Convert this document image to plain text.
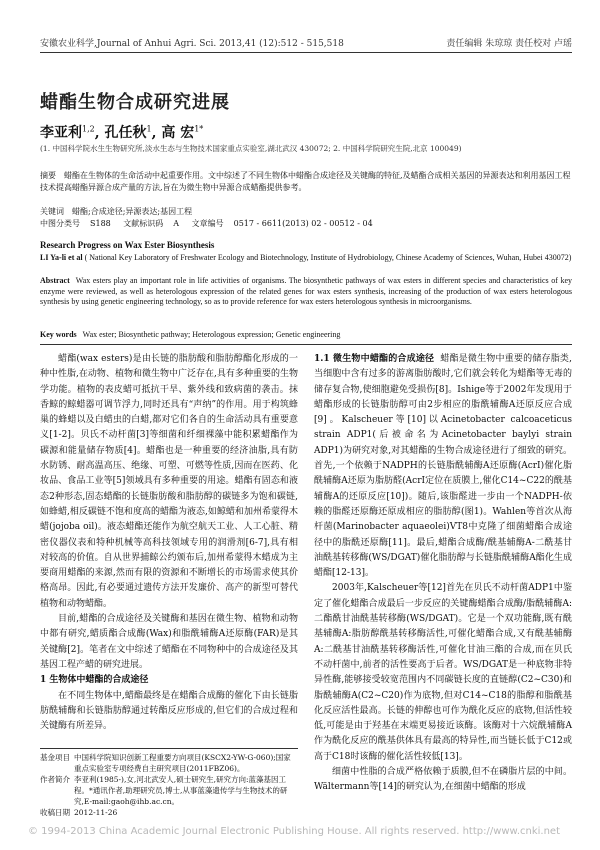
安徽农业科学,Journal of Anhui Agri. Sci. 2013,41 (12):512 - 515,518	责任编辑 朱琼琼 责任校对 卢瑶
蜡酯生物合成研究进展
李亚利$^{1,2}$, 孔任秋$^1$, 高 宏$^{1*}$
(1. 中国科学院水生生物研究所,淡水生态与生物技术国家重点实验室,湖北武汉 430072; 2. 中国科学院研究生院,北京 100049)
摘要 蜡酯在生物体的生命活动中起重要作用。文中综述了不同生物体中蜡酯合成途径及关键酶的特征,及蜡酯合成相关基因的异源表达和利用基因工程技术提高蜡酯异源合成产量的方法,旨在为微生物中异源合成蜡酯提供参考。
关键词 蜡酯;合成途径;异源表达;基因工程
中图分类号 S188 文献标识码 A 文章编号 0517 - 6611(2013) 02 - 00512 - 04
Research Progress on Wax Ester Biosynthesis
LI Ya-li et al ( National Key Laboratory of Freshwater Ecology and Biotechnology, Institute of Hydrobiology, Chinese Academy of Sciences, Wuhan, Hubei 430072)
Abstract Wax esters play an important role in life activities of organisms. The biosynthetic pathways of wax esters in different species and characteristics of key enzyme were reviewed, as well as heterologous expression of the related genes for wax esters synthesis, increasing of the production of wax esters heterologous synthesis by using genetic engineering technology, so as to provide reference for wax esters heterologous synthesis in microorganisms.
Key words Wax ester; Biosynthetic pathway; Heterologous expression; Genetic engineering

蜡酯(wax esters)是由长链的脂肪酸和脂肪醇酯化形成的一种中性脂,在动物、植物和微生物中广泛存在,具有多种重要的生物学功能。植物的表皮蜡可抵抗干旱、紫外线和致病菌的袭击。抹香鲸的鲸蜡器可调节浮力,同时还具有“声纳”的作用。用于构筑蜂巢的蜂蜡以及白蜡虫的白蜡,都对它们各自的生命活动具有重要意义[1-2]。贝氏不动杆菌[3]等细菌和纤细裸藻中能积累蜡酯作为碳源和能量储存物质[4]。蜡酯也是一种重要的经济油脂,具有防水防锈、耐高温高压、绝缘、可塑、可燃等性质,因而在医药、化妆品、食品工业等[5]领域具有多种重要的用途。蜡酯有固态和液态2种形态,固态蜡酯的长链脂肪酸和脂肪醇的碳链多为饱和碳链,如蜂蜡,相反碳链不饱和度高的蜡酯为液态,如鲸蜡和加州希蒙得木蜡(jojoba oil)。液态蜡酯还能作为航空航天工业、人工心脏、精密仪器仪表和特种机械等高科技领域专用的润滑剂[6-7],具有相对较高的价值。自从世界捕鲸公约颁布后,加州希蒙得木蜡成为主要商用蜡酯的来源,然而有限的资源和不断增长的市场需求使其价格高昂。因此,有必要通过遗传方法开发廉价、高产的新型可替代植物和动物蜡酯。

目前,蜡酯的合成途径及关键酶和基因在微生物、植物和动物中都有研究,蜡质酯合成酶(Wax)和脂酰辅酶A还原酶(FAR)是其关键酶[2]。笔者在文中综述了蜡酯在不同物种中的合成途径及其基因工程产蜡的研究进展。

1 生物体中蜡酯的合成途径

在不同生物体中,蜡酯最终是在蜡酯合成酶的催化下由长链脂肪酰辅酶和长链脂肪醇通过转酯反应形成的,但它们的合成过程和关键酶有所差异。

基金项目	中国科学院知识创新工程重要方向项目(KSCX2-YW-G-060);国家重点实验室专项经费自主研究项目(2011FBZ06)。
作者简介	李亚利(1985-),女,河北武安人,硕士研究生,研究方向:蓝藻基因工程。*通讯作者,助理研究员,博士,从事蓝藻遗传学与生物技术的研究,E-mail:gaoh@ihb.ac.cn。
收稿日期	2012-11-26

1.1 微生物中蜡酯的合成途径 蜡酯是微生物中重要的储存脂类,当细胞中含有过多的游离脂肪酸时,它们就会转化为蜡酯等无毒的储存复合物,使细胞避免受损伤[8]。Ishige等于2002年发现用于蜡酯形成的长链脂肪醇可由2步相应的脂酰辅酶A还原反应合成[9]。Kalscheuer等[10]以Acinetobacter calcoaceticus strain ADP1(后被命名为Acinetobacter baylyi strain ADP1)为研究对象,对其蜡酯的生物合成途径进行了细致的研究。首先,一个依赖于NADPH的长链脂酰辅酶A还原酶(AcrI)催化脂酰辅酶A还原为脂肪醛(AcrI定位在质膜上,催化C14~C22的酰基辅酶A的还原反应[10])。随后,该脂醛进一步由一个NADPH-依赖的脂醛还原酶还原成相应的脂肪醇(图1)。Wahlen等首次从海杆菌(Marinobacter aquaeolei)VT8中克隆了细菌蜡酯合成途径中的脂酰还原酶[11]。最后,蜡酯合成酶/酰基辅酶A-二酰基甘油酰基转移酶(WS/DGAT)催化脂肪醇与长链脂酰辅酶A酯化生成蜡酯[12-13]。

2003年,Kalscheuer等[12]首先在贝氏不动杆菌ADP1中鉴定了催化蜡酯合成最后一步反应的关键酶蜡酯合成酶/脂酰辅酶A:二酯酰甘油酰基转移酶(WS/DGAT)。它是一个双功能酶,既有酰基辅酶A:脂肪醇酰基转移酶活性,可催化蜡酯合成,又有酰基辅酶A:二酰基甘油酰基转移酶活性,可催化甘油三酯的合成,而在贝氏不动杆菌中,前者的活性要高于后者。WS/DGAT是一种底物非特异性酶,能够接受较宽范围内不同碳链长度的直链醇(C2~C30)和脂酰辅酶A(C2~C20)作为底物,但对C14~C18的脂醇和脂酰基化反应活性最高。长链的伸醇也可作为酰化反应的底物,但活性较低,可能是由于羟基在末端更易接近该酶。该酶对十六烷酰辅酶A作为酰化反应的酰基供体具有最高的特异性,而当链长低于C12或高于C18时该酶的催化活性较低[13]。

细菌中性脂的合成严格依赖于质膜,但不在磷脂片层的中间。Wältermann等[14]的研究认为,在细菌中蜡酯的形成

© 1994-2013 China Academic Journal Electronic Publishing House. All rights reserved. http://www.cnki.net
